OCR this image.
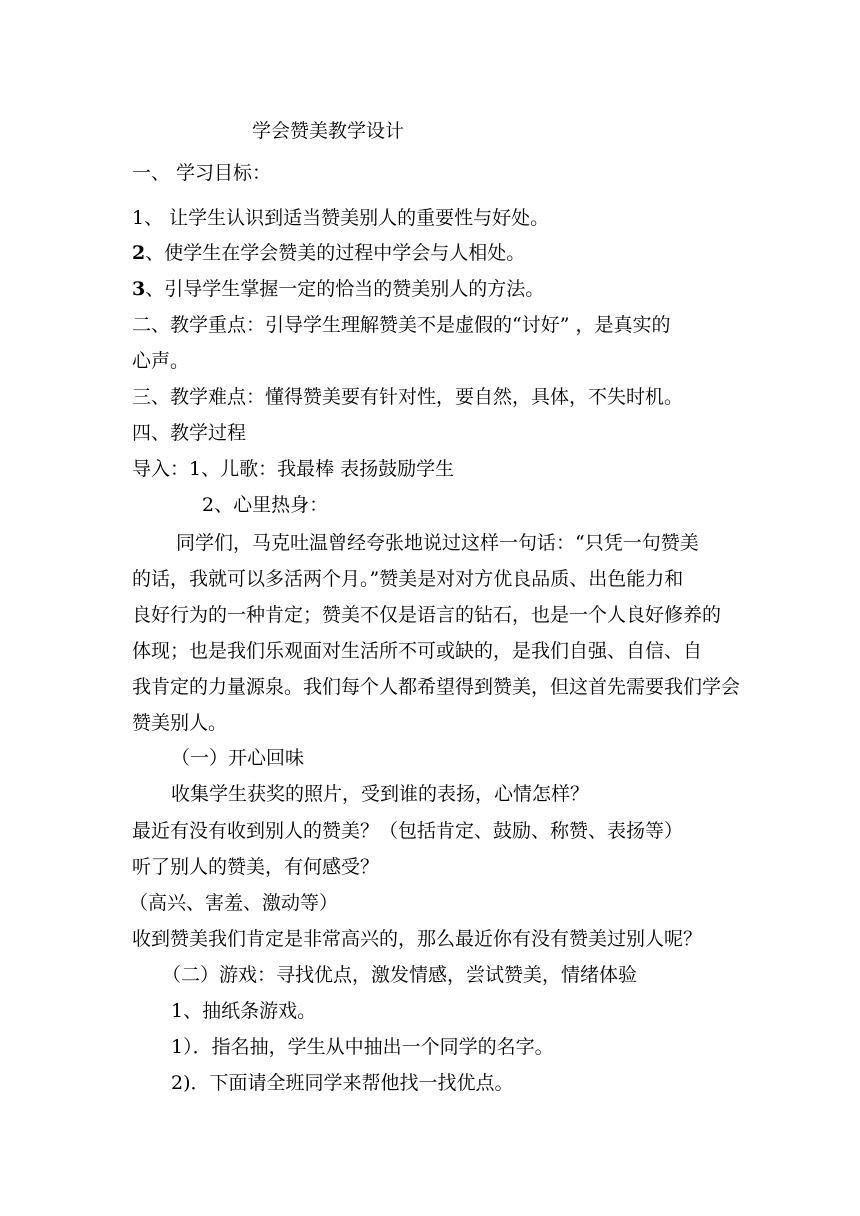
学会赞美教学设计
一、 学习目标：
1、 让学生认识到适当赞美别人的重要性与好处。
2、使学生在学会赞美的过程中学会与人相处。
3、引导学生掌握一定的恰当的赞美别人的方法。
二、教学重点：引导学生理解赞美不是虚假的“讨好” ，是真实的
心声。
三、教学难点：懂得赞美要有针对性，要自然，具体，不失时机。
四、教学过程
导入：1、儿歌：我最棒 表扬鼓励学生
2、心里热身：
同学们，马克吐温曾经夸张地说过这样一句话：“只凭一句赞美
的话，我就可以多活两个月。”赞美是对对方优良品质、出色能力和
良好行为的一种肯定；赞美不仅是语言的钻石，也是一个人良好修养的
体现；也是我们乐观面对生活所不可或缺的，是我们自强、自信、自
我肯定的力量源泉。我们每个人都希望得到赞美，但这首先需要我们学会
赞美别人。
（一）开心回味
收集学生获奖的照片，受到谁的表扬，心情怎样？
最近有没有收到别人的赞美？（包括肯定、鼓励、称赞、表扬等）
听了别人的赞美，有何感受？
（高兴、害羞、激动等）
收到赞美我们肯定是非常高兴的，那么最近你有没有赞美过别人呢？
（二）游戏：寻找优点，激发情感，尝试赞美，情绪体验
1、抽纸条游戏。
1）．指名抽，学生从中抽出一个同学的名字。
2)．下面请全班同学来帮他找一找优点。
